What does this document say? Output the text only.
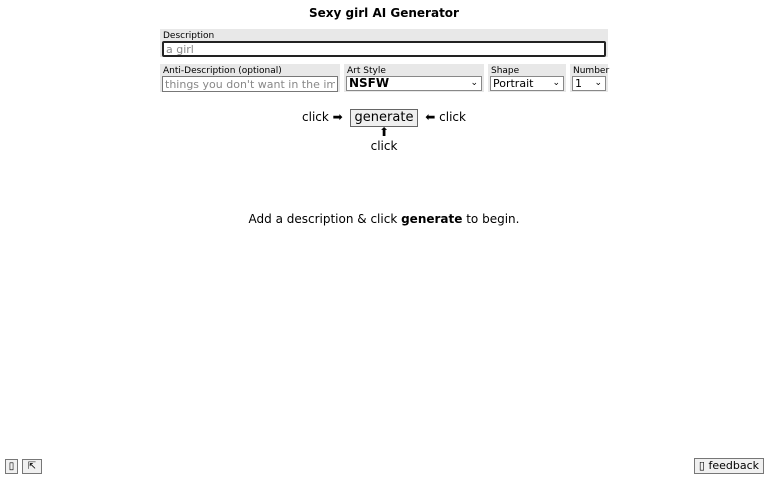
Sexy girl AI Generator
Description
a girl
Anti-Description (optional)
things you don't want in the image	Art Style
NSFW	⌄
Shape
Portrait ⌄
Number
1 ⌄
click ➡ generate ⬅ click
⬆
click
Add a description & click generate to begin.
▯	⇱	▯ feedback
